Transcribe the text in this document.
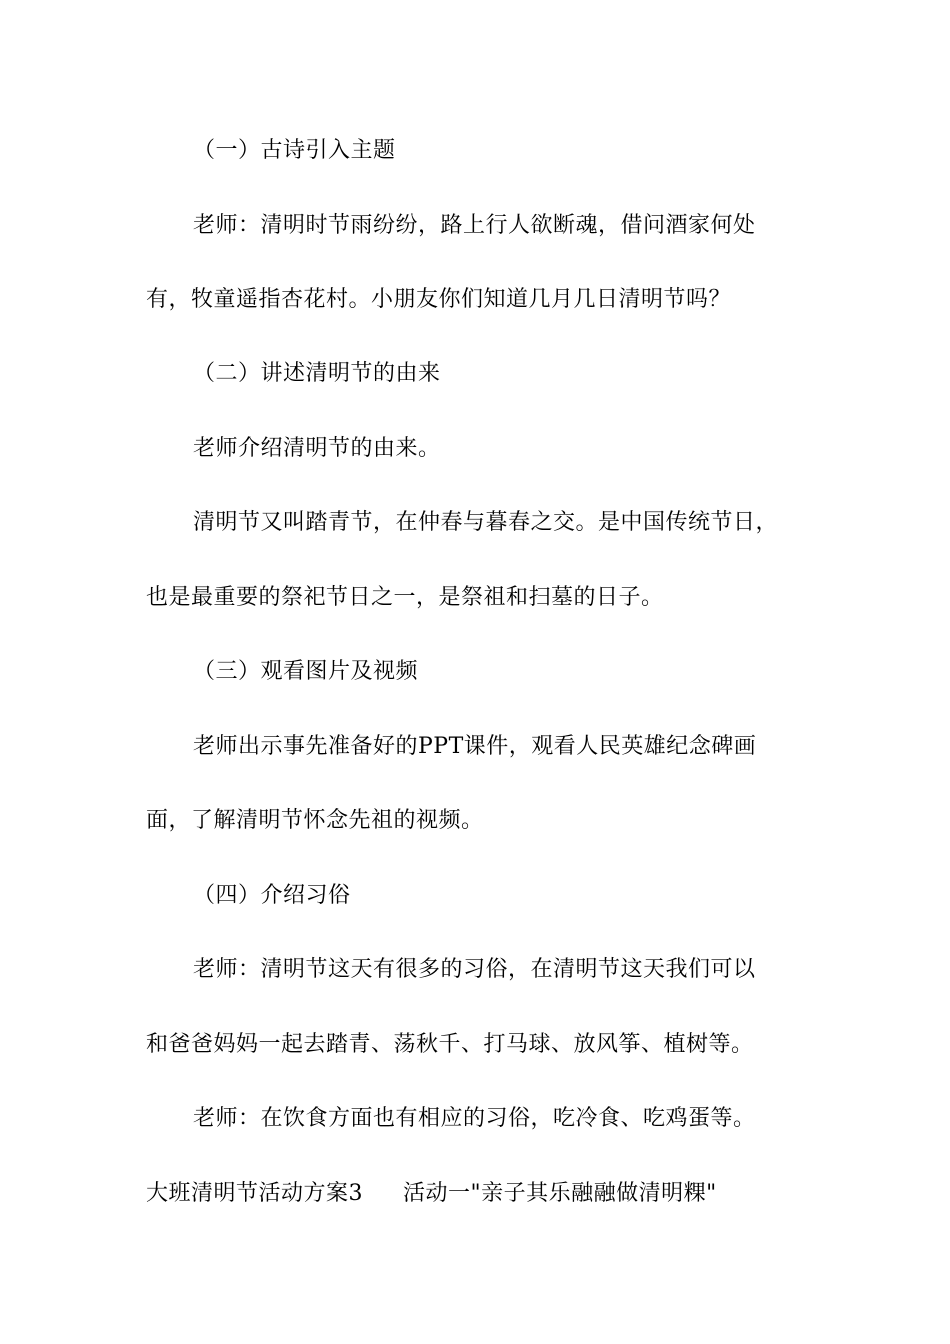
（一）古诗引入主题
老师：清明时节雨纷纷，路上行人欲断魂，借问酒家何处
有，牧童遥指杏花村。小朋友你们知道几月几日清明节吗？
（二）讲述清明节的由来
老师介绍清明节的由来。
清明节又叫踏青节，在仲春与暮春之交。是中国传统节日，
也是最重要的祭祀节日之一，是祭祖和扫墓的日子。
（三）观看图片及视频
老师出示事先准备好的PPT课件，观看人民英雄纪念碑画
面，了解清明节怀念先祖的视频。
（四）介绍习俗
老师：清明节这天有很多的习俗，在清明节这天我们可以
和爸爸妈妈一起去踏青、荡秋千、打马球、放风筝、植树等。
老师：在饮食方面也有相应的习俗，吃冷食、吃鸡蛋等。
大班清明节活动方案3 活动一"亲子其乐融融做清明粿"
